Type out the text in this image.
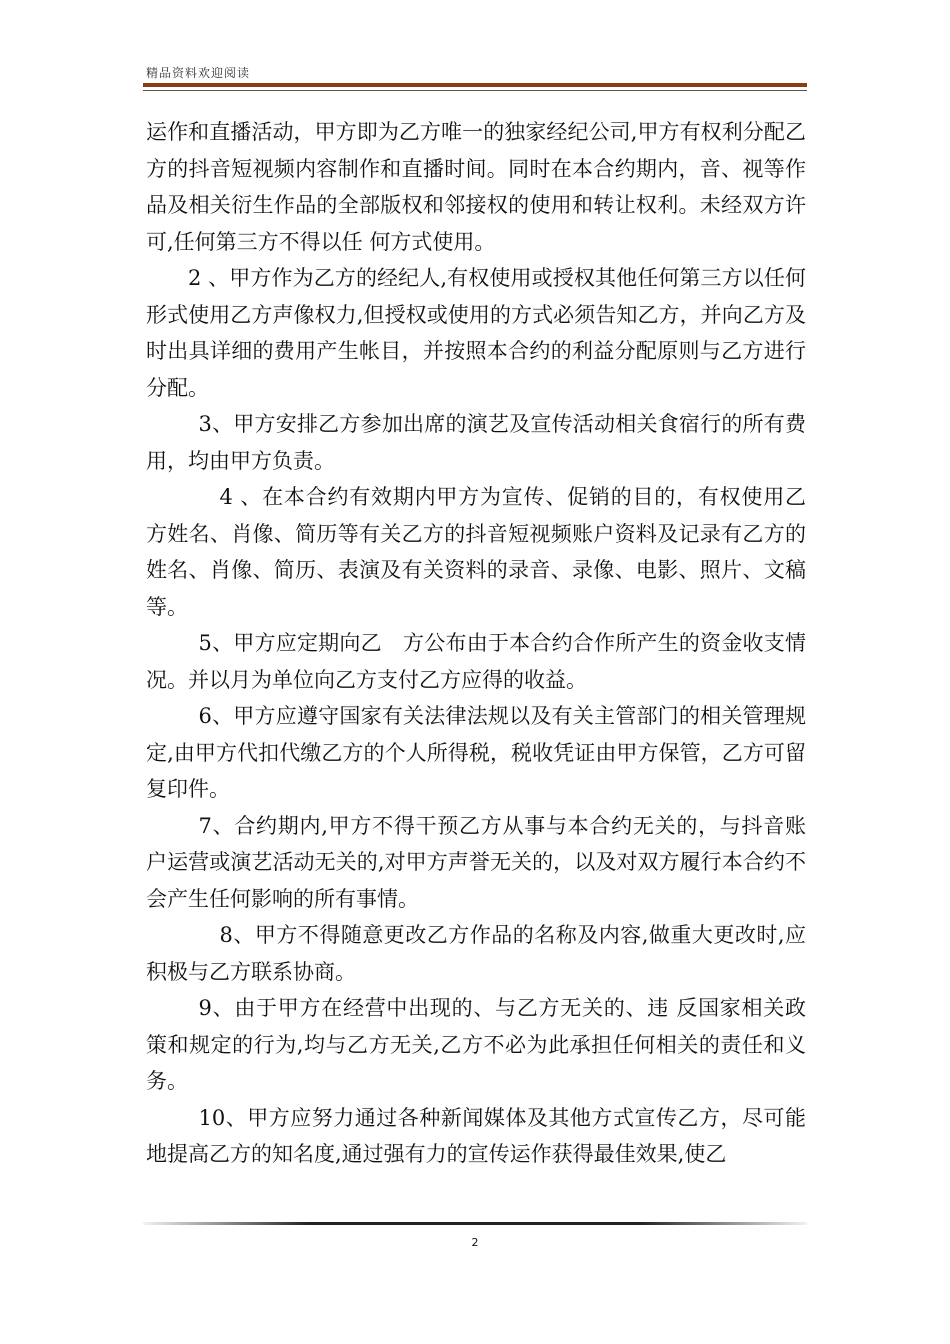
精品资料欢迎阅读

运作和直播活动，甲方即为乙方唯一的独家经纪公司,甲方有权利分配乙方的抖音短视频内容制作和直播时间。同时在本合约期内，音、视等作品及相关衍生作品的全部版权和邻接权的使用和转让权利。未经双方许可,任何第三方不得以任 何方式使用。

2 、甲方作为乙方的经纪人,有权使用或授权其他任何第三方以任何形式使用乙方声像权力,但授权或使用的方式必须告知乙方，并向乙方及时出具详细的费用产生帐目，并按照本合约的利益分配原则与乙方进行分配。

3、甲方安排乙方参加出席的演艺及宣传活动相关食宿行的所有费用，均由甲方负责。

4 、在本合约有效期内甲方为宣传、促销的目的，有权使用乙方姓名、肖像、简历等有关乙方的抖音短视频账户资料及记录有乙方的姓名、肖像、简历、表演及有关资料的录音、录像、电影、照片、文稿等。

5、甲方应定期向乙　方公布由于本合约合作所产生的资金收支情况。并以月为单位向乙方支付乙方应得的收益。

6、甲方应遵守国家有关法律法规以及有关主管部门的相关管理规定,由甲方代扣代缴乙方的个人所得税，税收凭证由甲方保管，乙方可留复印件。

7、合约期内,甲方不得干预乙方从事与本合约无关的，与抖音账户运营或演艺活动无关的,对甲方声誉无关的，以及对双方履行本合约不会产生任何影响的所有事情。

8、甲方不得随意更改乙方作品的名称及内容,做重大更改时,应积极与乙方联系协商。

9、由于甲方在经营中出现的、与乙方无关的、违 反国家相关政策和规定的行为,均与乙方无关,乙方不必为此承担任何相关的责任和义务。

10、甲方应努力通过各种新闻媒体及其他方式宣传乙方，尽可能地提高乙方的知名度,通过强有力的宣传运作获得最佳效果,使乙

2
